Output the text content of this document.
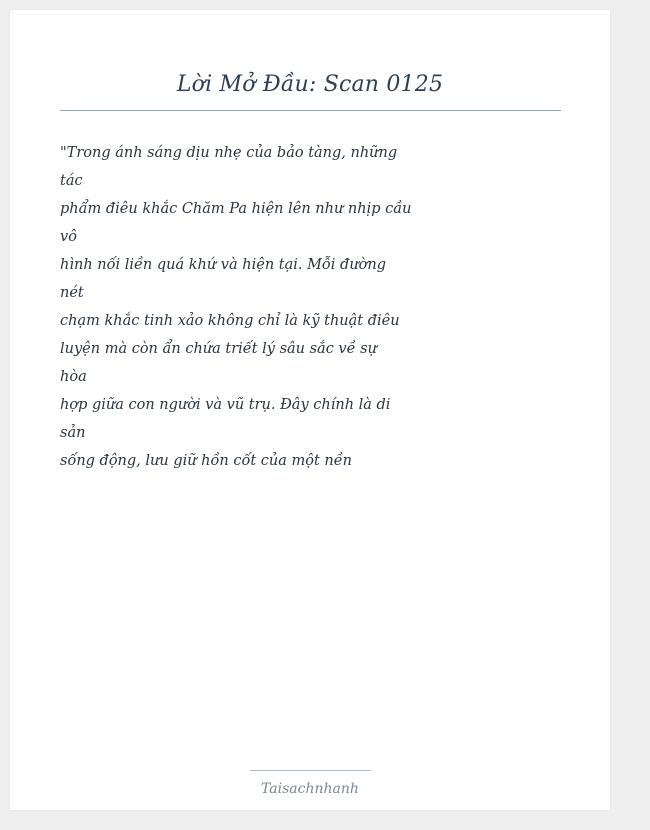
Lời Mở Đầu: Scan 0125
"Trong ánh sáng dịu nhẹ của bảo tàng, những
tác
phẩm điêu khắc Chăm Pa hiện lên như nhịp cầu
vô
hình nối liền quá khứ và hiện tại. Mỗi đường
nét
chạm khắc tinh xảo không chỉ là kỹ thuật điêu
luyện mà còn ẩn chứa triết lý sâu sắc về sự
hòa
hợp giữa con người và vũ trụ. Đây chính là di
sản
sống động, lưu giữ hồn cốt của một nền
Taisachnhanh
